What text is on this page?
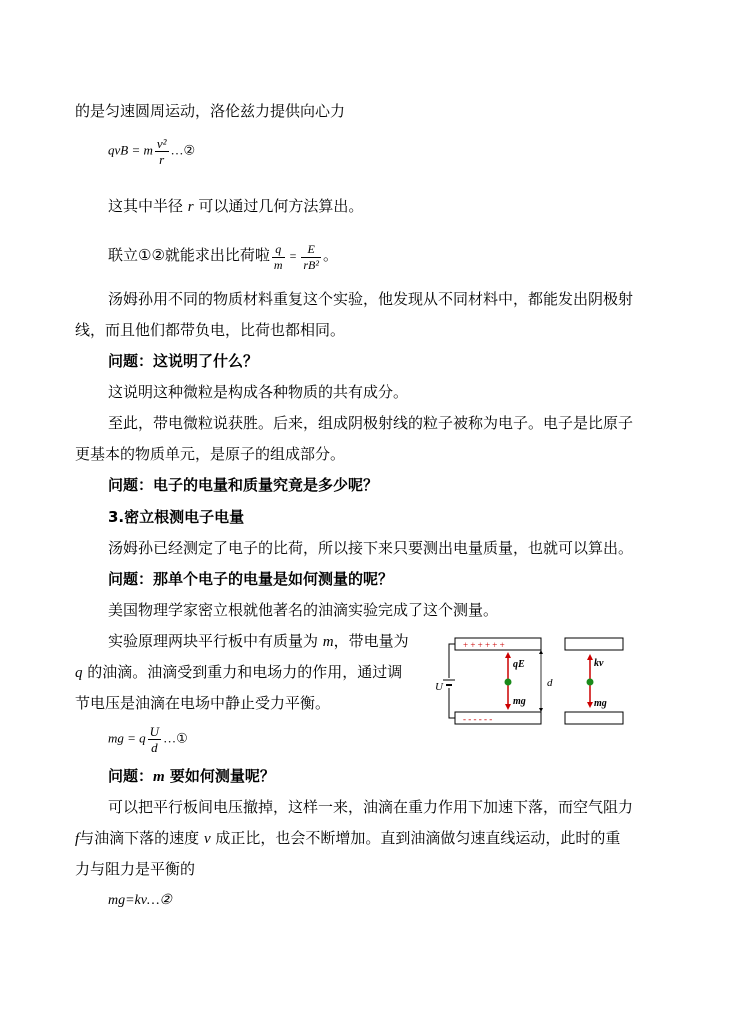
的是匀速圆周运动，洛伦兹力提供向心力
qvB = m $\frac{\text{v²}}{r}$ …②
这其中半径 r 可以通过几何方法算出。
联立①②就能求出比荷啦 $\frac{q}{m} = \frac{E}{\text{rB²}}$ 。
汤姆孙用不同的物质材料重复这个实验，他发现从不同材料中，都能发出阴极射
线，而且他们都带负电，比荷也都相同。
问题：这说明了什么？
这说明这种微粒是构成各种物质的共有成分。
至此，带电微粒说获胜。后来，组成阴极射线的粒子被称为电子。电子是比原子
更基本的物质单元，是原子的组成部分。
问题：电子的电量和质量究竟是多少呢？
3.密立根测电子电量
汤姆孙已经测定了电子的比荷，所以接下来只要测出电量质量，也就可以算出。
问题：那单个电子的电量是如何测量的呢？
美国物理学家密立根就他著名的油滴实验完成了这个测量。
实验原理两块平行板中有质量为 m，带电量为
q 的油滴。油滴受到重力和电场力的作用，通过调
节电压是油滴在电场中静止受力平衡。
mg = q $\frac{U}{d}$ …①
问题：m 要如何测量呢？
可以把平行板间电压撤掉，这样一来，油滴在重力作用下加速下落，而空气阻力
f与油滴下落的速度 v 成正比，也会不断增加。直到油滴做匀速直线运动，此时的重
力与阻力是平衡的
mg=kv…②
+ + + + + +
- - - - - -
U	d
qE
mg
kv
mg
